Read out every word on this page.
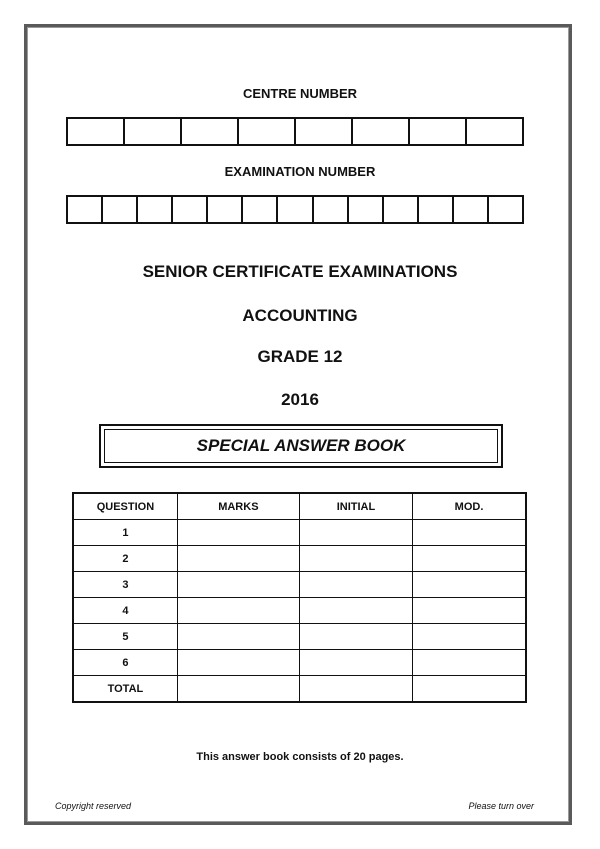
CENTRE NUMBER
EXAMINATION NUMBER
SENIOR CERTIFICATE EXAMINATIONS
ACCOUNTING
GRADE 12
2016
SPECIAL ANSWER BOOK
QUESTION	MARKS	INITIAL	MOD.
1			
2			
3			
4			
5			
6			
TOTAL			
This answer book consists of 20 pages.
Copyright reserved	Please turn over
